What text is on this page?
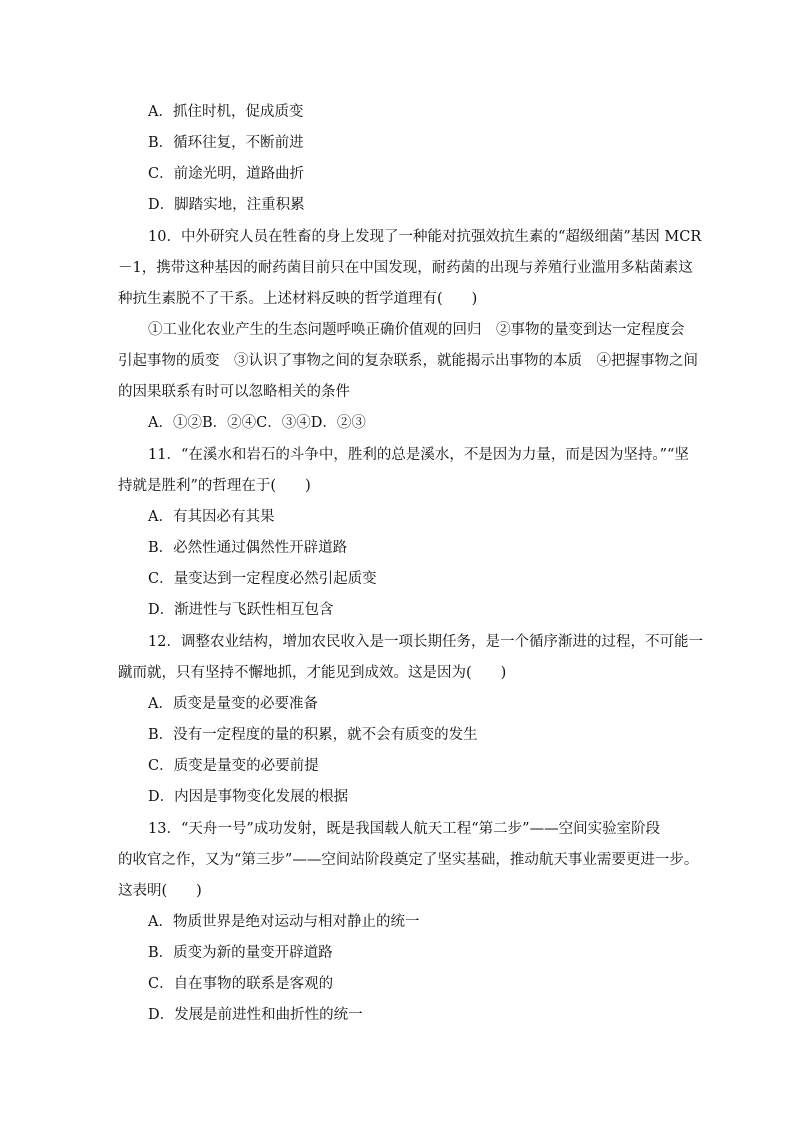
A．抓住时机，促成质变
B．循环往复，不断前进
C．前途光明，道路曲折
D．脚踏实地，注重积累
10．中外研究人员在牲畜的身上发现了一种能对抗强效抗生素的“超级细菌”基因 MCR
－1，携带这种基因的耐药菌目前只在中国发现，耐药菌的出现与养殖行业滥用多粘菌素这
种抗生素脱不了干系。上述材料反映的哲学道理有(　　)
①工业化农业产生的生态问题呼唤正确价值观的回归　②事物的量变到达一定程度会
引起事物的质变　③认识了事物之间的复杂联系，就能揭示出事物的本质　④把握事物之间
的因果联系有时可以忽略相关的条件
A．①②B．②④C．③④D．②③
11．“在溪水和岩石的斗争中，胜利的总是溪水，不是因为力量，而是因为坚持。”“坚
持就是胜利”的哲理在于(　　)
A．有其因必有其果
B．必然性通过偶然性开辟道路
C．量变达到一定程度必然引起质变
D．渐进性与飞跃性相互包含
12．调整农业结构，增加农民收入是一项长期任务，是一个循序渐进的过程，不可能一
蹴而就，只有坚持不懈地抓，才能见到成效。这是因为(　　)
A．质变是量变的必要准备
B．没有一定程度的量的积累，就不会有质变的发生
C．质变是量变的必要前提
D．内因是事物变化发展的根据
13．“天舟一号”成功发射，既是我国载人航天工程“第二步”——空间实验室阶段
的收官之作，又为“第三步”——空间站阶段奠定了坚实基础，推动航天事业需要更进一步。
这表明(　　)
A．物质世界是绝对运动与相对静止的统一
B．质变为新的量变开辟道路
C．自在事物的联系是客观的
D．发展是前进性和曲折性的统一
